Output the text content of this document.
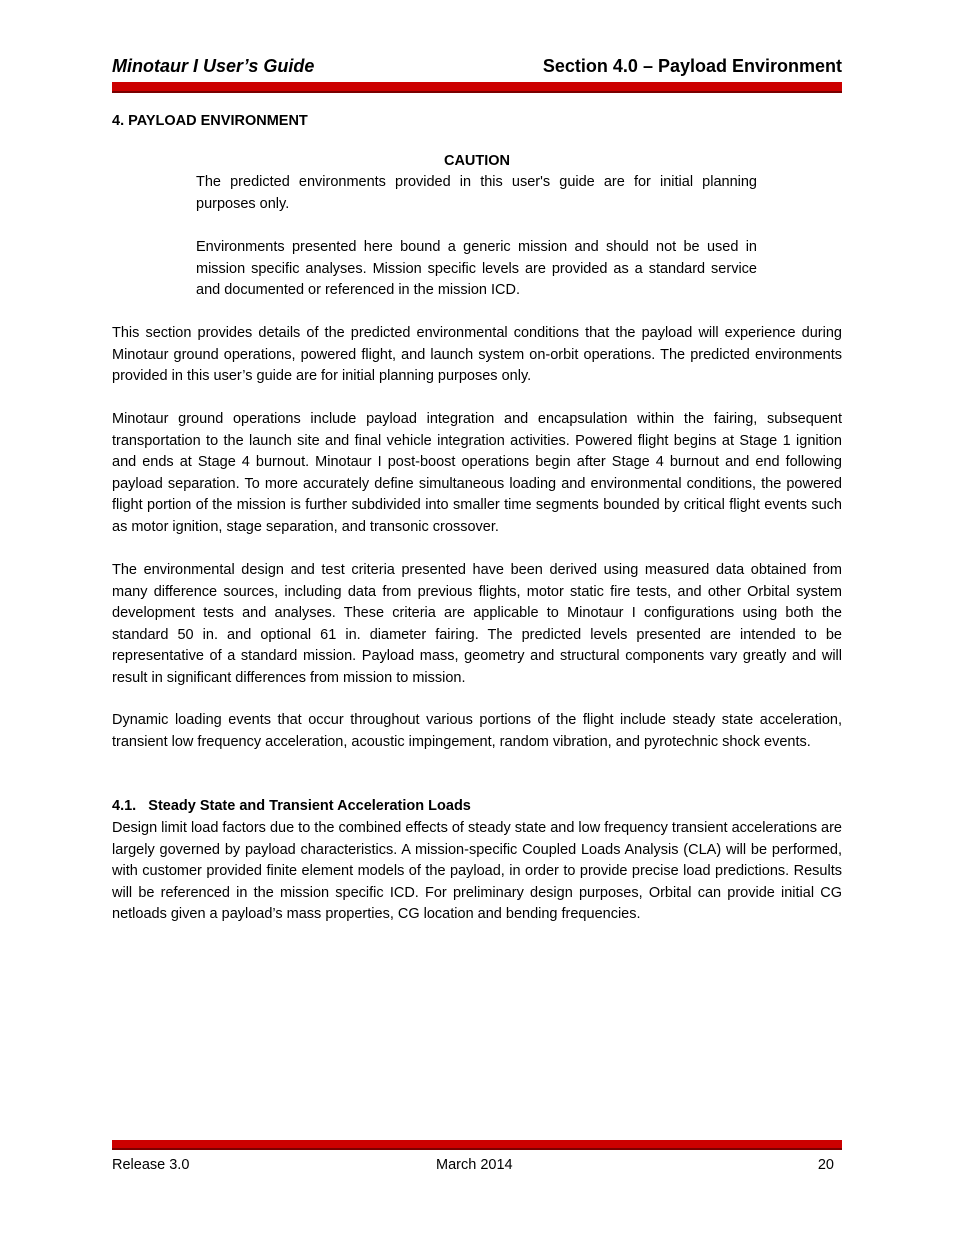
Minotaur I User’s Guide	Section 4.0 – Payload Environment
4. PAYLOAD ENVIRONMENT
CAUTION

The predicted environments provided in this user's guide are for initial planning purposes only.

Environments presented here bound a generic mission and should not be used in mission specific analyses. Mission specific levels are provided as a standard service and documented or referenced in the mission ICD.

This section provides details of the predicted environmental conditions that the payload will experience during Minotaur ground operations, powered flight, and launch system on-orbit operations. The predicted environments provided in this user’s guide are for initial planning purposes only.

Minotaur ground operations include payload integration and encapsulation within the fairing, subsequent transportation to the launch site and final vehicle integration activities. Powered flight begins at Stage 1 ignition and ends at Stage 4 burnout. Minotaur I post-boost operations begin after Stage 4 burnout and end following payload separation. To more accurately define simultaneous loading and environmental conditions, the powered flight portion of the mission is further subdivided into smaller time segments bounded by critical flight events such as motor ignition, stage separation, and transonic crossover.

The environmental design and test criteria presented have been derived using measured data obtained from many difference sources, including data from previous flights, motor static fire tests, and other Orbital system development tests and analyses. These criteria are applicable to Minotaur I configurations using both the standard 50 in. and optional 61 in. diameter fairing. The predicted levels presented are intended to be representative of a standard mission. Payload mass, geometry and structural components vary greatly and will result in significant differences from mission to mission.

Dynamic loading events that occur throughout various portions of the flight include steady state acceleration, transient low frequency acceleration, acoustic impingement, random vibration, and pyrotechnic shock events.

4.1.   Steady State and Transient Acceleration Loads

Design limit load factors due to the combined effects of steady state and low frequency transient accelerations are largely governed by payload characteristics. A mission-specific Coupled Loads Analysis (CLA) will be performed, with customer provided finite element models of the payload, in order to provide precise load predictions. Results will be referenced in the mission specific ICD. For preliminary design purposes, Orbital can provide initial CG netloads given a payload’s mass properties, CG location and bending frequencies.

Release 3.0	March 2014	20
